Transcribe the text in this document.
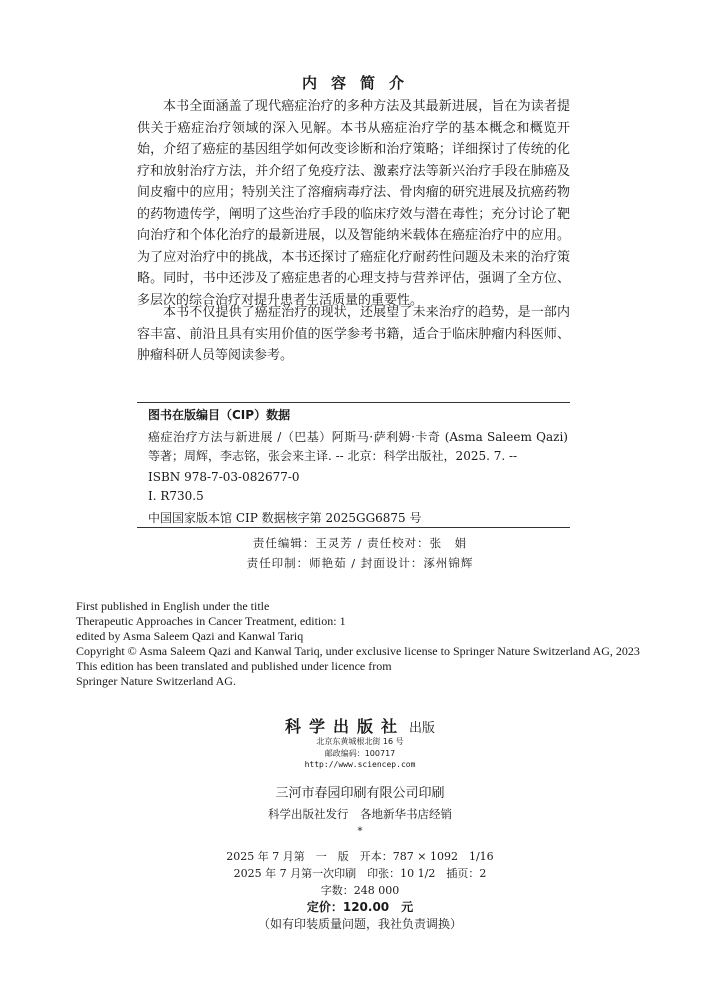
内容简介

本书全面涵盖了现代癌症治疗的多种方法及其最新进展，旨在为读者提供关于癌症治疗领域的深入见解。本书从癌症治疗学的基本概念和概览开始，介绍了癌症的基因组学如何改变诊断和治疗策略；详细探讨了传统的化疗和放射治疗方法，并介绍了免疫疗法、激素疗法等新兴治疗手段在肺癌及间皮瘤中的应用；特别关注了溶瘤病毒疗法、骨肉瘤的研究进展及抗癌药物的药物遗传学，阐明了这些治疗手段的临床疗效与潜在毒性；充分讨论了靶向治疗和个体化治疗的最新进展，以及智能纳米载体在癌症治疗中的应用。为了应对治疗中的挑战，本书还探讨了癌症化疗耐药性问题及未来的治疗策略。同时，书中还涉及了癌症患者的心理支持与营养评估，强调了全方位、多层次的综合治疗对提升患者生活质量的重要性。

本书不仅提供了癌症治疗的现状，还展望了未来治疗的趋势，是一部内容丰富、前沿且具有实用价值的医学参考书籍，适合于临床肿瘤内科医师、肿瘤科研人员等阅读参考。

图书在版编目（CIP）数据

癌症治疗方法与新进展 /（巴基）阿斯马·萨利姆·卡奇 (Asma Saleem Qazi) 等著；周辉，李志铭，张会来主译. -- 北京：科学出版社，2025. 7. --

ISBN 978-7-03-082677-0
Ⅰ. R730.5
中国国家版本馆 CIP 数据核字第 2025GG6875 号
责任编辑：王灵芳 / 责任校对：张　娟
责任印制：师艳茹 / 封面设计：涿州锦辉
First published in English under the title
Therapeutic Approaches in Cancer Treatment, edition: 1
edited by Asma Saleem Qazi and Kanwal Tariq
Copyright © Asma Saleem Qazi and Kanwal Tariq, under exclusive license to Springer Nature Switzerland AG, 2023
This edition has been translated and published under licence from
Springer Nature Switzerland AG.
科学出版社 出版
北京东黄城根北街 16 号
邮政编码：100717
http://www.sciencep.com
三河市春园印刷有限公司印刷
科学出版社发行　各地新华书店经销
*
2025 年 7 月第　一　版　开本：787 × 1092　1/16
2025 年 7 月第一次印刷　印张：10 1/2　插页：2
字数：248 000
定价：120.00　元
（如有印装质量问题，我社负责调换）
